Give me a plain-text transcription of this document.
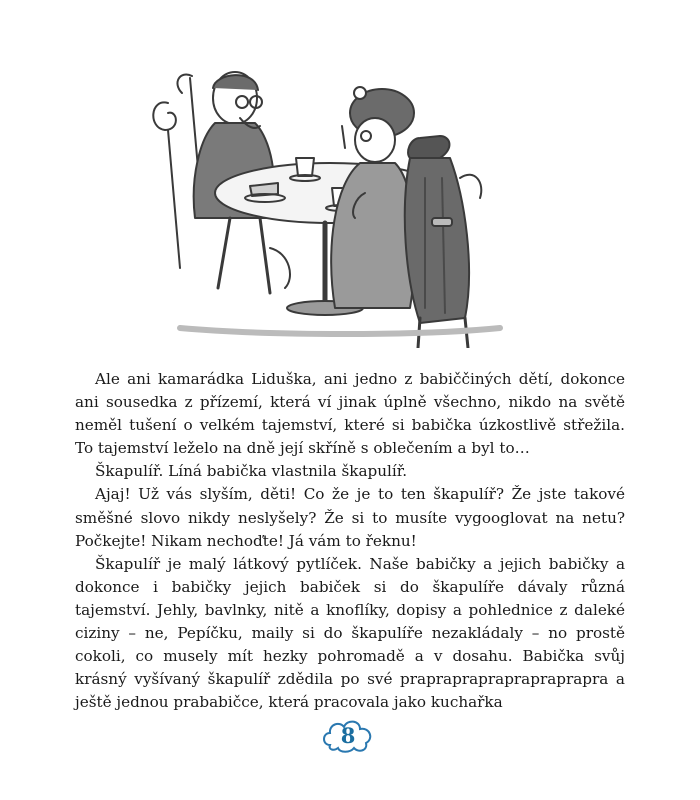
Ale ani kamarádka Liduška, ani jedno z babiččiných dětí, dokonce ani sousedka z přízemí, která ví jinak úplně všechno, nikdo na světě neměl tušení o velkém tajemství, které si babička úzkostlivě střežila. To tajemství leželo na dně její skříně s oblečením a byl to…

Škapulíř. Líná babička vlastnila škapulíř.

Ajaj! Už vás slyším, děti! Co že je to ten škapulíř? Že jste takové směšné slovo nikdy neslyšely? Že si to musíte vygooglovat na netu? Počkejte! Nikam nechoďte! Já vám to řeknu!

Škapulíř je malý látkový pytlíček. Naše babičky a jejich babičky a dokonce i babičky jejich babiček si do škapulíře dávaly různá tajemství. Jehly, bavlnky, nitě a knoflíky, dopisy a pohlednice z daleké ciziny – ne, Pepíčku, maily si do škapulíře nezakládaly – no prostě cokoli, co musely mít hezky pohromadě a v dosahu. Babička svůj krásný vyšívaný škapulíř zdědila po své prapraprapraprapraprapra a ještě jednou prababičce, která pracovala jako kuchařka

8
